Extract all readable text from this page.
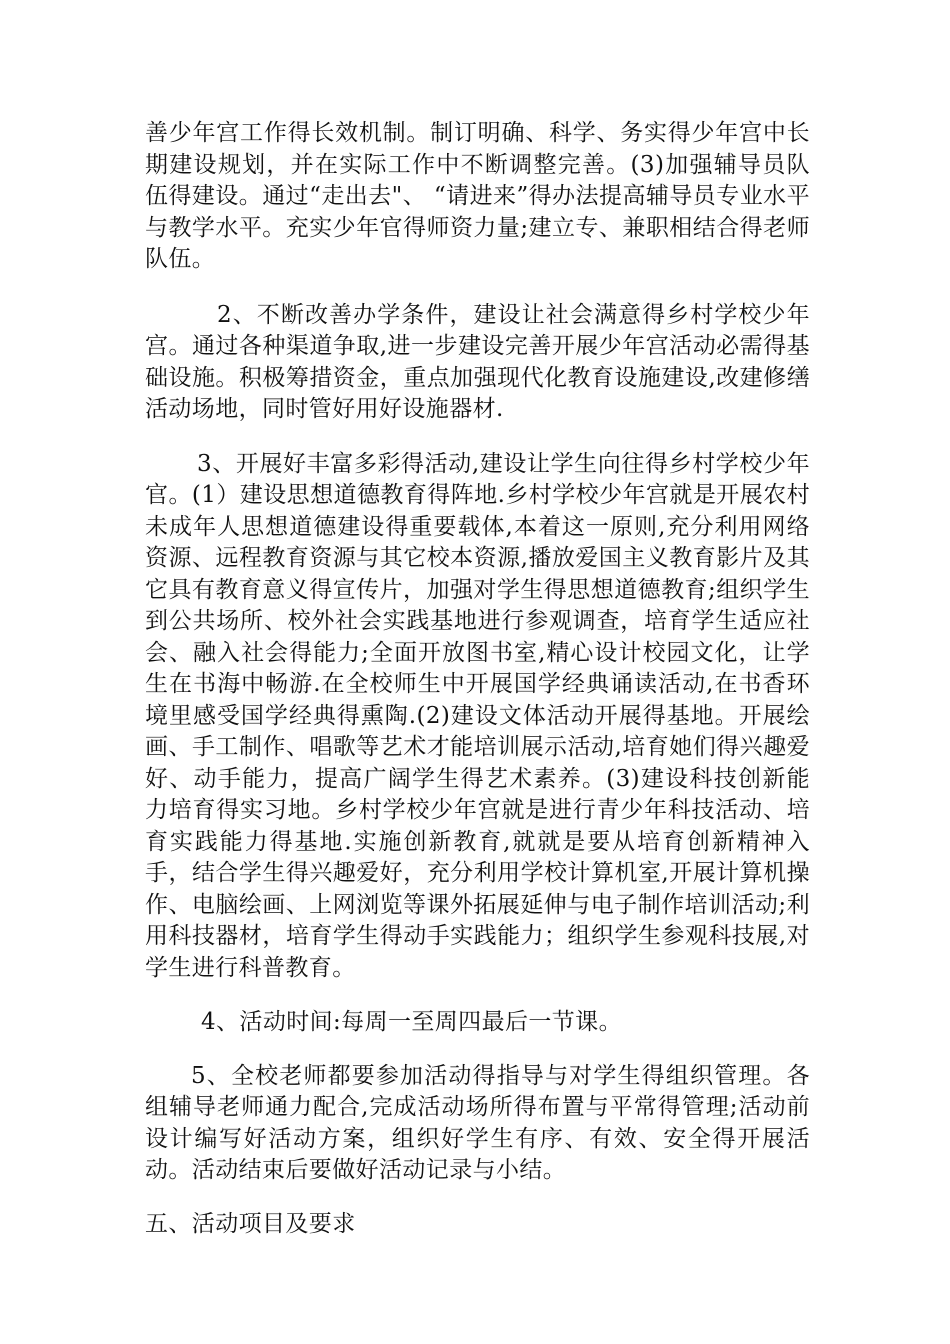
善少年宫工作得长效机制。制订明确、科学、务实得少年宫中长期建设规划，并在实际工作中不断调整完善。(3)加强辅导员队伍得建设。通过“走出去"、 “请进来”得办法提高辅导员专业水平与教学水平。充实少年官得师资力量;建立专、兼职相结合得老师队伍。

2、不断改善办学条件，建设让社会满意得乡村学校少年宫。通过各种渠道争取,进一步建设完善开展少年宫活动必需得基础设施。积极筹措资金，重点加强现代化教育设施建设,改建修缮活动场地，同时管好用好设施器材.

3、开展好丰富多彩得活动,建设让学生向往得乡村学校少年官。(1）建设思想道德教育得阵地.乡村学校少年宫就是开展农村未成年人思想道德建设得重要载体,本着这一原则,充分利用网络资源、远程教育资源与其它校本资源,播放爱国主义教育影片及其它具有教育意义得宣传片，加强对学生得思想道德教育;组织学生到公共场所、校外社会实践基地进行参观调查，培育学生适应社会、融入社会得能力;全面开放图书室,精心设计校园文化，让学生在书海中畅游.在全校师生中开展国学经典诵读活动,在书香环境里感受国学经典得熏陶.(2)建设文体活动开展得基地。开展绘画、手工制作、唱歌等艺术才能培训展示活动,培育她们得兴趣爱好、动手能力，提高广阔学生得艺术素养。(3)建设科技创新能力培育得实习地。乡村学校少年宫就是进行青少年科技活动、培育实践能力得基地.实施创新教育,就就是要从培育创新精神入手，结合学生得兴趣爱好，充分利用学校计算机室,开展计算机操作、电脑绘画、上网浏览等课外拓展延伸与电子制作培训活动;利用科技器材，培育学生得动手实践能力；组织学生参观科技展,对学生进行科普教育。

4、活动时间:每周一至周四最后一节课。

5、全校老师都要参加活动得指导与对学生得组织管理。各组辅导老师通力配合,完成活动场所得布置与平常得管理;活动前设计编写好活动方案，组织好学生有序、有效、安全得开展活动。活动结束后要做好活动记录与小结。

五、活动项目及要求
